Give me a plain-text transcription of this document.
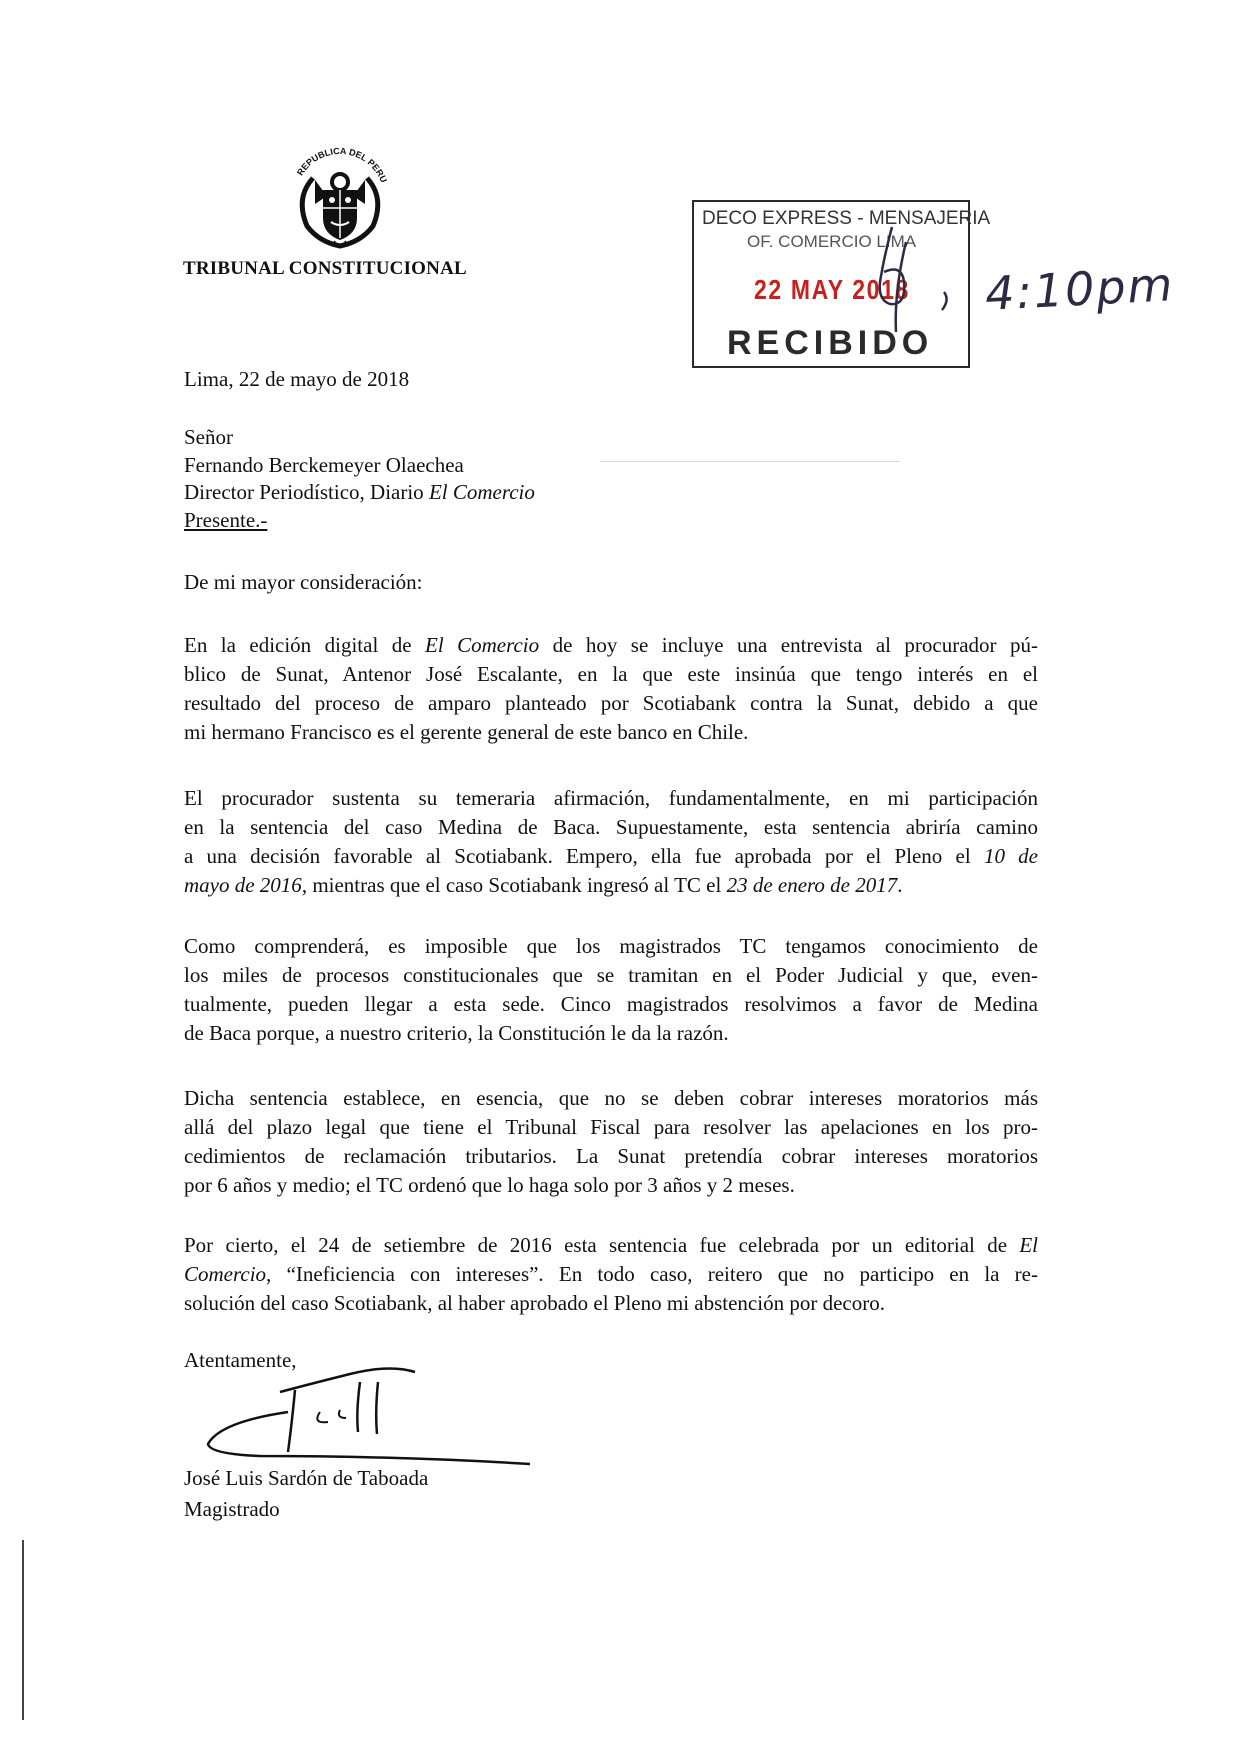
REPUBLICA DEL PERU
TRIBUNAL CONSTITUCIONAL
DECO EXPRESS - MENSAJERIA
OF. COMERCIO LIMA
22 MAY 2018
RECIBIDO
4:10pm
Lima, 22 de mayo de 2018
Señor
Fernando Berckemeyer Olaechea
Director Periodístico, Diario El Comercio
Presente.-
De mi mayor consideración:
En la edición digital de El Comercio de hoy se incluye una entrevista al procurador pú-
blico de Sunat, Antenor José Escalante, en la que este insinúa que tengo interés en el
resultado del proceso de amparo planteado por Scotiabank contra la Sunat, debido a que
mi hermano Francisco es el gerente general de este banco en Chile.
El procurador sustenta su temeraria afirmación, fundamentalmente, en mi participación
en la sentencia del caso Medina de Baca. Supuestamente, esta sentencia abriría camino
a una decisión favorable al Scotiabank. Empero, ella fue aprobada por el Pleno el 10 de
mayo de 2016, mientras que el caso Scotiabank ingresó al TC el 23 de enero de 2017.
Como comprenderá, es imposible que los magistrados TC tengamos conocimiento de
los miles de procesos constitucionales que se tramitan en el Poder Judicial y que, even-
tualmente, pueden llegar a esta sede. Cinco magistrados resolvimos a favor de Medina
de Baca porque, a nuestro criterio, la Constitución le da la razón.
Dicha sentencia establece, en esencia, que no se deben cobrar intereses moratorios más
allá del plazo legal que tiene el Tribunal Fiscal para resolver las apelaciones en los pro-
cedimientos de reclamación tributarios. La Sunat pretendía cobrar intereses moratorios
por 6 años y medio; el TC ordenó que lo haga solo por 3 años y 2 meses.
Por cierto, el 24 de setiembre de 2016 esta sentencia fue celebrada por un editorial de El
Comercio, “Ineficiencia con intereses”. En todo caso, reitero que no participo en la re-
solución del caso Scotiabank, al haber aprobado el Pleno mi abstención por decoro.
Atentamente,
José Luis Sardón de Taboada
Magistrado
